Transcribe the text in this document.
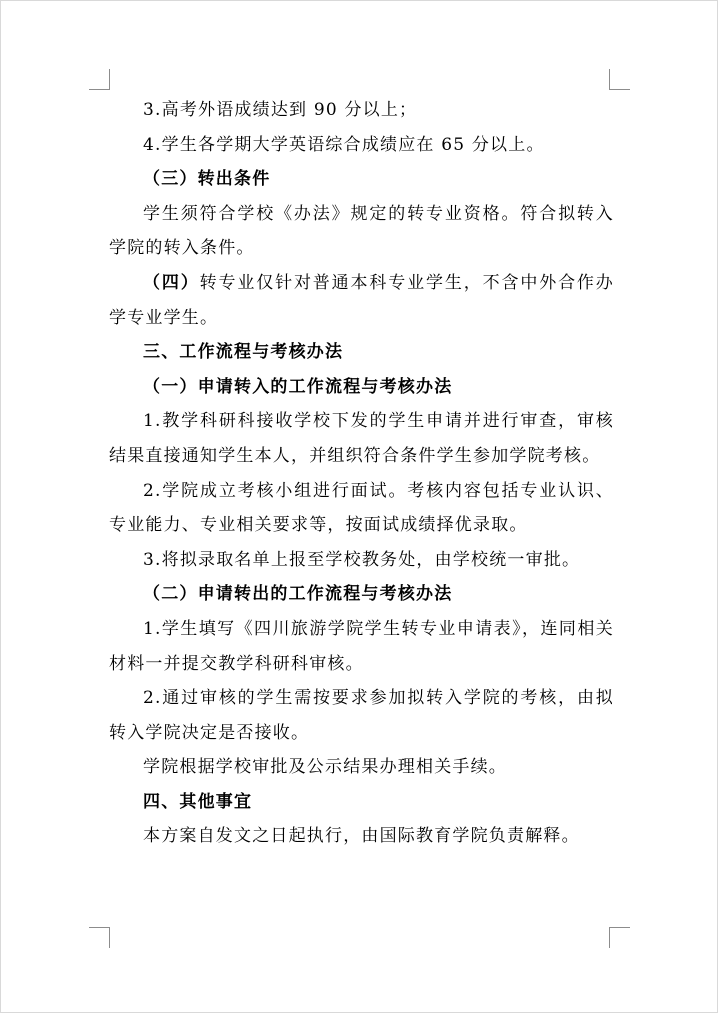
3.高考外语成绩达到 90 分以上；

4.学生各学期大学英语综合成绩应在 65 分以上。

（三）转出条件

学生须符合学校《办法》规定的转专业资格。符合拟转入学院的转入条件。

（四）转专业仅针对普通本科专业学生，不含中外合作办学专业学生。

三、工作流程与考核办法

（一）申请转入的工作流程与考核办法

1.教学科研科接收学校下发的学生申请并进行审查，审核结果直接通知学生本人，并组织符合条件学生参加学院考核。

2.学院成立考核小组进行面试。考核内容包括专业认识、专业能力、专业相关要求等，按面试成绩择优录取。

3.将拟录取名单上报至学校教务处，由学校统一审批。

（二）申请转出的工作流程与考核办法

1.学生填写《四川旅游学院学生转专业申请表》，连同相关材料一并提交教学科研科审核。

2.通过审核的学生需按要求参加拟转入学院的考核，由拟转入学院决定是否接收。

学院根据学校审批及公示结果办理相关手续。

四、其他事宜

本方案自发文之日起执行，由国际教育学院负责解释。
